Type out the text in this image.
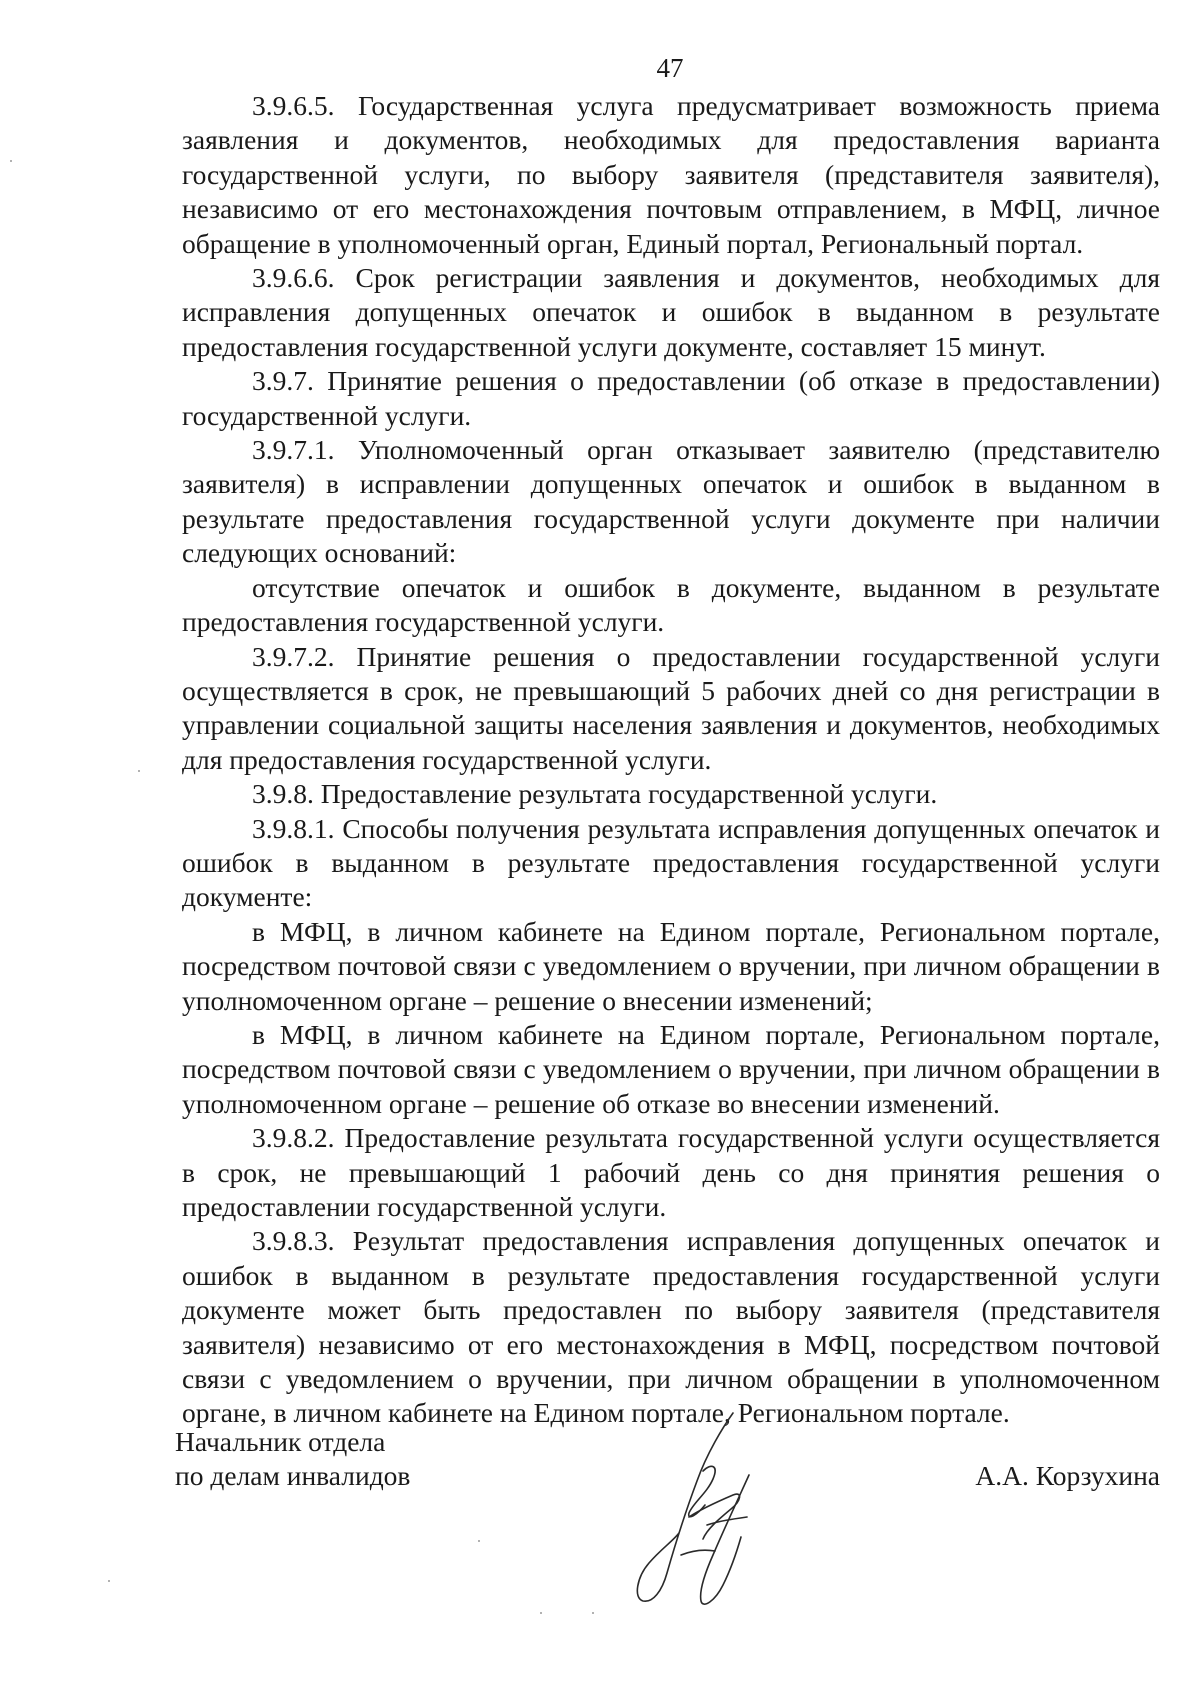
47

3.9.6.5. Государственная услуга предусматривает возможность приема заявления и документов, необходимых для предоставления варианта государственной услуги, по выбору заявителя (представителя заявителя), независимо от его местонахождения почтовым отправлением, в МФЦ, личное обращение в уполномоченный орган, Единый портал, Региональный портал.

3.9.6.6. Срок регистрации заявления и документов, необходимых для исправления допущенных опечаток и ошибок в выданном в результате предоставления государственной услуги документе, составляет 15 минут.

3.9.7. Принятие решения о предоставлении (об отказе в предоставлении) государственной услуги.

3.9.7.1. Уполномоченный орган отказывает заявителю (представителю заявителя) в исправлении допущенных опечаток и ошибок в выданном в результате предоставления государственной услуги документе при наличии следующих оснований:

отсутствие опечаток и ошибок в документе, выданном в результате предоставления государственной услуги.

3.9.7.2. Принятие решения о предоставлении государственной услуги осуществляется в срок, не превышающий 5 рабочих дней со дня регистрации в управлении социальной защиты населения заявления и документов, необходимых для предоставления государственной услуги.

3.9.8. Предоставление результата государственной услуги.

3.9.8.1. Способы получения результата исправления допущенных опечаток и ошибок в выданном в результате предоставления государственной услуги документе:

в МФЦ, в личном кабинете на Едином портале, Региональном портале, посредством почтовой связи с уведомлением о вручении, при личном обращении в уполномоченном органе – решение о внесении изменений;

в МФЦ, в личном кабинете на Едином портале, Региональном портале, посредством почтовой связи с уведомлением о вручении, при личном обращении в уполномоченном органе – решение об отказе во внесении изменений.

3.9.8.2. Предоставление результата государственной услуги осуществляется в срок, не превышающий 1 рабочий день со дня принятия решения о предоставлении государственной услуги.

3.9.8.3. Результат предоставления исправления допущенных опечаток и ошибок в выданном в результате предоставления государственной услуги документе может быть предоставлен по выбору заявителя (представителя заявителя) независимо от его местонахождения в МФЦ, посредством почтовой связи с уведомлением о вручении, при личном обращении в уполномоченном органе, в личном кабинете на Едином портале, Региональном портале.

Начальник отдела
по делам инвалидов	А.А. Корзухина
